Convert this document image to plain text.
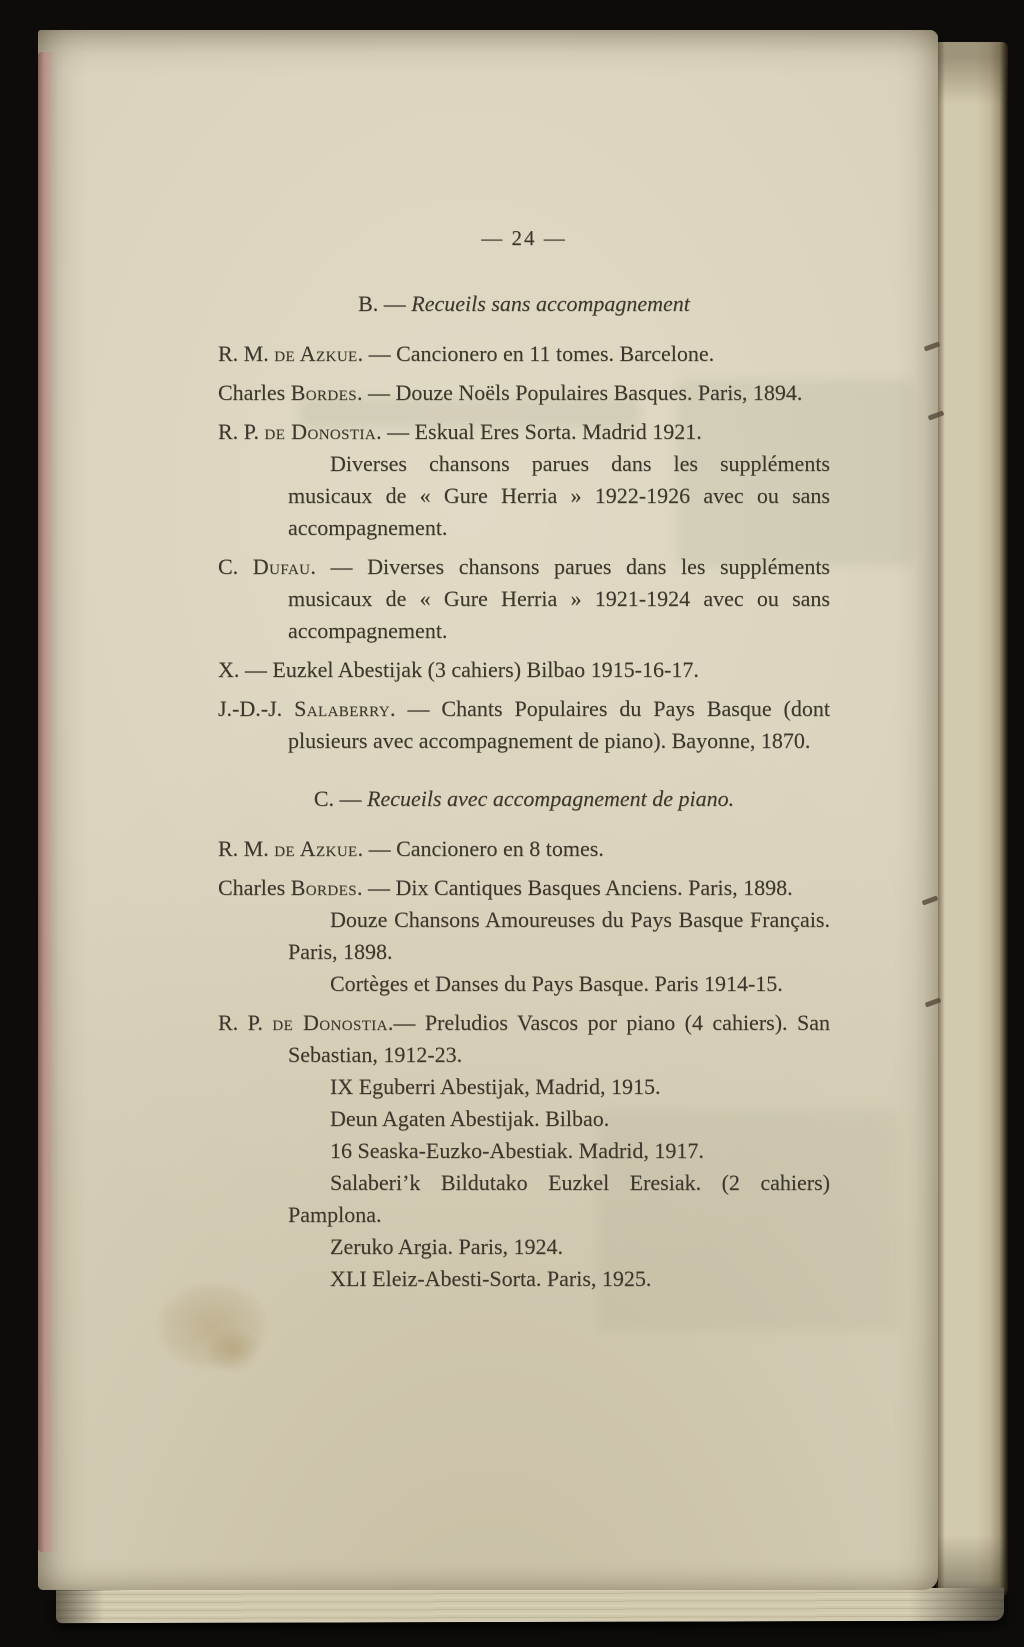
— 24 —
B. — Recueils sans accompagnement

R. M. de Azkue. — Cancionero en 11 tomes. Barcelone.

Charles Bordes. — Douze Noëls Populaires Basques. Paris, 1894.

R. P. de Donostia. — Eskual Eres Sorta. Madrid 1921.

Diverses chansons parues dans les suppléments musicaux de « Gure Herria » 1922-1926 avec ou sans accompagnement.

C. Dufau. — Diverses chansons parues dans les suppléments musicaux de « Gure Herria » 1921-1924 avec ou sans accompagnement.

X. — Euzkel Abestijak (3 cahiers) Bilbao 1915-16-17.

J.-D.-J. Salaberry. — Chants Populaires du Pays Basque (dont plusieurs avec accompagnement de piano). Bayonne, 1870.

C. — Recueils avec accompagnement de piano.

R. M. de Azkue. — Cancionero en 8 tomes.

Charles Bordes. — Dix Cantiques Basques Anciens. Paris, 1898.

Douze Chansons Amoureuses du Pays Basque Français. Paris, 1898.

Cortèges et Danses du Pays Basque. Paris 1914-15.

R. P. de Donostia.— Preludios Vascos por piano (4 cahiers). San Sebastian, 1912-23.

IX Eguberri Abestijak, Madrid, 1915.

Deun Agaten Abestijak. Bilbao.

16 Seaska-Euzko-Abestiak. Madrid, 1917.

Salaberi’k Bildutako Euzkel Eresiak. (2 cahiers) Pamplona.

Zeruko Argia. Paris, 1924.

XLI Eleiz-Abesti-Sorta. Paris, 1925.
